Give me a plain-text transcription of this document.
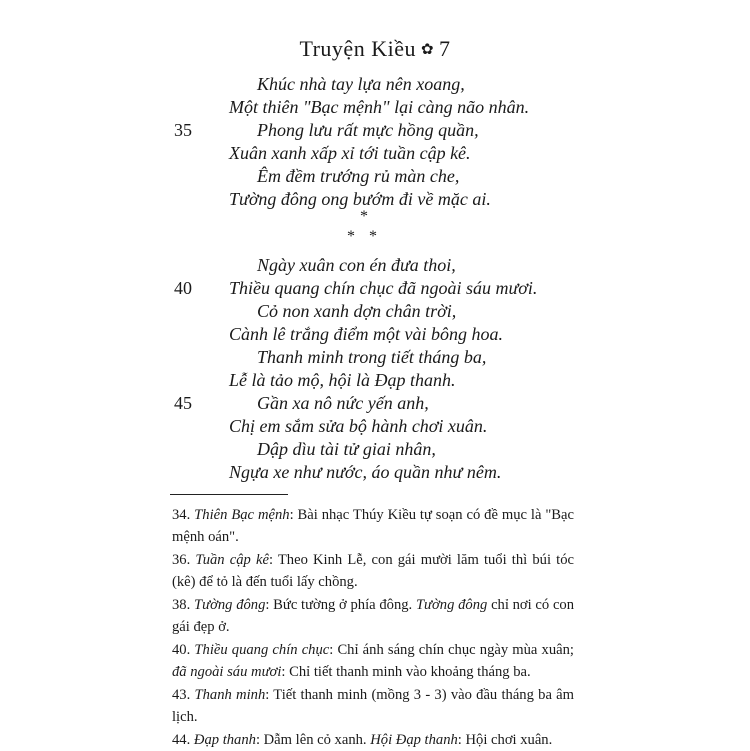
Truyện Kiều ✿ 7
Khúc nhà tay lựa nên xoang,
Một thiên "Bạc mệnh" lại càng não nhân.
35	Phong lưu rất mực hồng quần,
Xuân xanh xấp xỉ tới tuần cập kê.
Êm đềm trướng rủ màn che,
Tường đông ong bướm đi về mặc ai.
*
* *
Ngày xuân con én đưa thoi,
40 Thiều quang chín chục đã ngoài sáu mươi.
Cỏ non xanh dợn chân trời,
Cành lê trắng điểm một vài bông hoa.
Thanh minh trong tiết tháng ba,
Lễ là tảo mộ, hội là Đạp thanh.
45	Gần xa nô nức yến anh,
Chị em sắm sửa bộ hành chơi xuân.
Dập dìu tài tử giai nhân,
Ngựa xe như nước, áo quần như nêm.

34. Thiên Bạc mệnh: Bài nhạc Thúy Kiều tự soạn có đề mục là "Bạc mệnh oán".

36. Tuần cập kê: Theo Kinh Lễ, con gái mười lăm tuổi thì búi tóc (kê) để tỏ là đến tuổi lấy chồng.

38. Tường đông: Bức tường ở phía đông. Tường đông chỉ nơi có con gái đẹp ở.

40. Thiều quang chín chục: Chỉ ánh sáng chín chục ngày mùa xuân; đã ngoài sáu mươi: Chỉ tiết thanh minh vào khoảng tháng ba.

43. Thanh minh: Tiết thanh minh (mồng 3 - 3) vào đầu tháng ba âm lịch.

44. Đạp thanh: Dẫm lên cỏ xanh. Hội Đạp thanh: Hội chơi xuân.
